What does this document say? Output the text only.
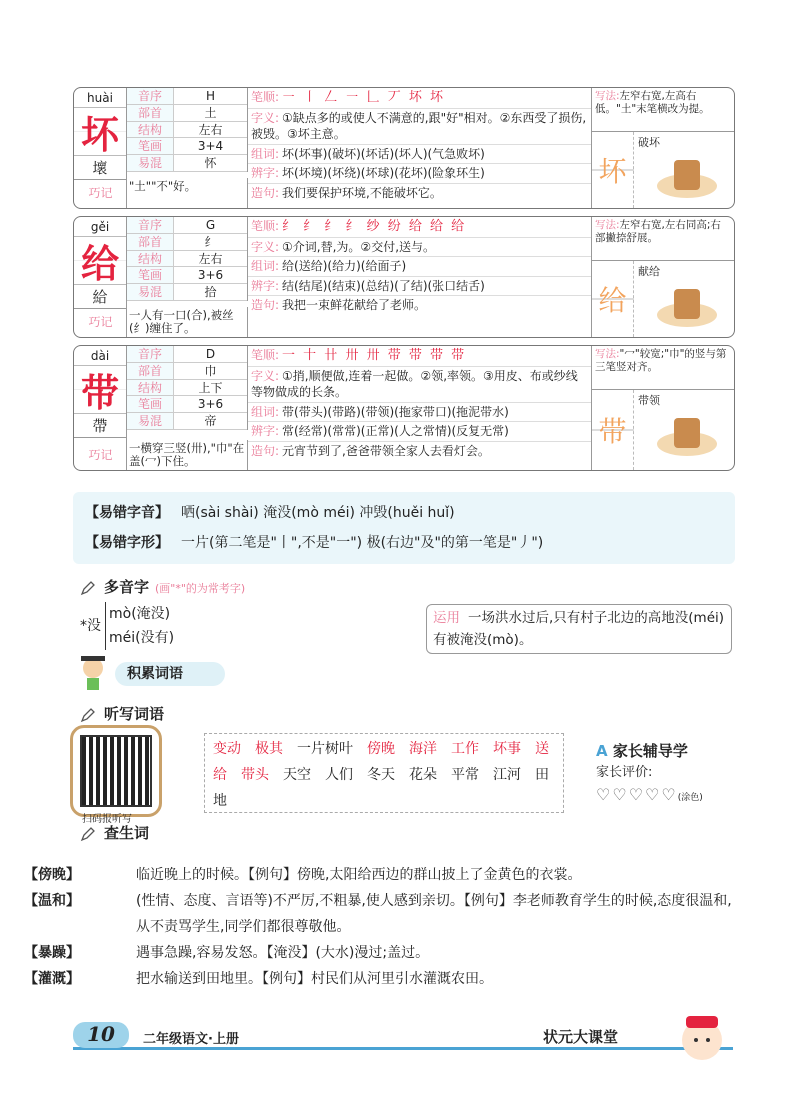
huài
坏
壞
巧记
音序	H
部首	土
结构	左右
笔画	3+4
易混	怀
"土""不"好。
笔顺: ㇐ ㇑ 𠃋 ㇐ 𠃊 丆 坏 坏
字义: ①缺点多的或使人不满意的,跟"好"相对。②东西受了损伤,被毁。③坏主意。
组词: 坏(坏事)(破坏)(坏话)(坏人)(气急败坏)
辨字: 坏(坏境)(坏绕)(坏球)(花坏)(险象环生)
造句: 我们要保护环境,不能破坏它。
写法:左窄右宽,左高右低。"土"末笔横改为提。
坏
破坏
gěi
给
給
巧记
音序	G
部首	纟
结构	左右
笔画	3+6
易混	拾
一人有一口(合),被丝(纟)缠住了。
笔顺: 纟 纟 纟 纟 纱 纷 给 给 给
字义: ①介词,替,为。②交付,送与。
组词: 给(送给)(给力)(给面子)
辨字: 结(结尾)(结束)(总结)(了结)(张口结舌)
造句: 我把一束鲜花献给了老师。
写法:左窄右宽,左右同高;右部撇捺舒展。
给
献给
dài
带
帶
巧记
音序	D
部首	巾
结构	上下
笔画	3+6
易混	帝
一横穿三竖(卅),"巾"在盖(冖)下住。
笔顺: 一 十 卄 卅 卅 带 带 带 带
字义: ①捎,顺便做,连着一起做。②领,率领。③用皮、布或纱线等物做成的长条。
组词: 带(带头)(带路)(带领)(拖家带口)(拖泥带水)
辨字: 常(经常)(常常)(正常)(人之常情)(反复无常)
造句: 元宵节到了,爸爸带领全家人去看灯会。
写法:"冖"较宽;"巾"的竖与第三笔竖对齐。
带
带领
【易错字音】 哂(sài shài) 淹没(mò méi) 冲毁(huěi huǐ)
【易错字形】 一片(第二笔是"丨",不是"一") 极(右边"及"的第一笔是"丿")
多音字 (画"*"的为常考字)
*没
mò(淹没)
méi(没有)
运用 一场洪水过后,只有村子北边的高地没(méi)有被淹没(mò)。
积累词语
听写词语
扫码报听写
变动 极其 一片树叶 傍晚 海洋 工作 坏事 送给 带头 天空 人们 冬天 花朵 平常 江河 田地
A 家长辅导学
家长评价:
♡♡♡♡♡(涂色)
查生词
【傍晚】	临近晚上的时候。【例句】傍晚,太阳给西边的群山披上了金黄色的衣裳。
【温和】	(性情、态度、言语等)不严厉,不粗暴,使人感到亲切。【例句】李老师教育学生的时候,态度很温和,从不责骂学生,同学们都很尊敬他。
【暴躁】	遇事急躁,容易发怒。【淹没】(大水)漫过;盖过。
【灌溉】	把水输送到田地里。【例句】村民们从河里引水灌溉农田。
10	二年级语文·上册	状元大课堂
